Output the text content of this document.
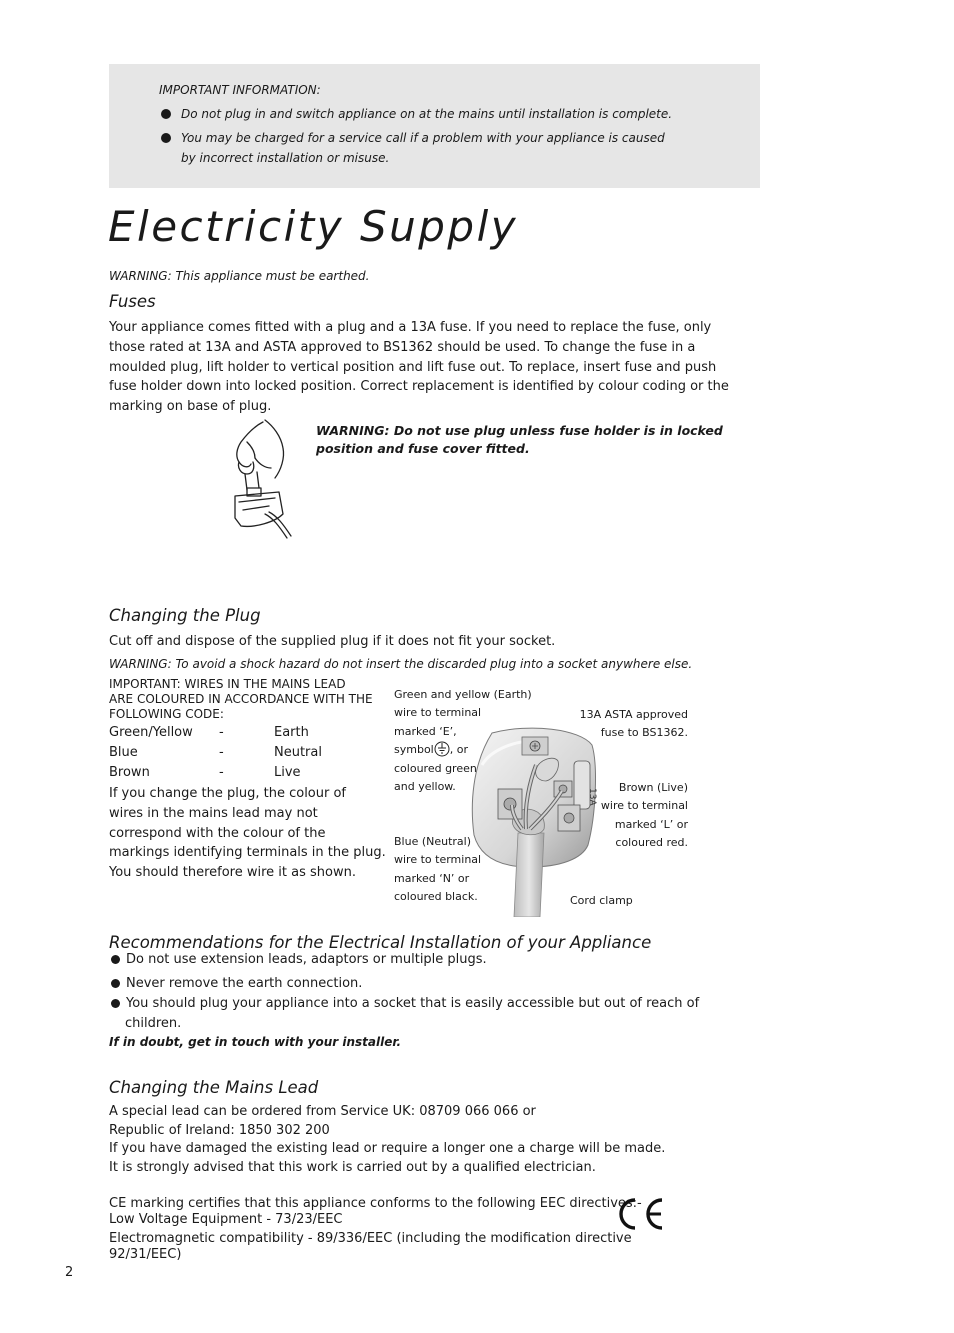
IMPORTANT INFORMATION:
Do not plug in and switch appliance on at the mains until installation is complete.
You may be charged for a service call if a problem with your appliance is caused
by incorrect installation or misuse.
Electricity Supply
WARNING: This appliance must be earthed.
Fuses
Your appliance comes fitted with a plug and a 13A fuse. If you need to replace the fuse, only
those rated at 13A and ASTA approved to BS1362 should be used. To change the fuse in a
moulded plug, lift holder to vertical position and lift fuse out. To replace, insert fuse and push
fuse holder down into locked position. Correct replacement is identified by colour coding or the
marking on base of plug.
WARNING: Do not use plug unless fuse holder is in locked
position and fuse cover fitted.
Changing the Plug
Cut off and dispose of the supplied plug if it does not fit your socket.
WARNING: To avoid a shock hazard do not insert the discarded plug into a socket anywhere else.
IMPORTANT: WIRES IN THE MAINS LEAD
ARE COLOURED IN ACCORDANCE WITH THE
FOLLOWING CODE:
Green/Yellow	-	Earth
Blue	-	Neutral
Brown	-	Live
If you change the plug, the colour of
wires in the mains lead may not
correspond with the colour of the
markings identifying terminals in the plug.
You should therefore wire it as shown.
Green and yellow (Earth)
wire to terminal
marked ‘E’,
symbol , or
coloured green
and yellow.
13A ASTA approved
fuse to BS1362.
Brown (Live)
wire to terminal
marked ‘L’ or
coloured red.
Blue (Neutral)
wire to terminal
marked ‘N’ or
coloured black.	Cord clamp
13A
Recommendations for the Electrical Installation of your Appliance
Do not use extension leads, adaptors or multiple plugs.
Never remove the earth connection.
You should plug your appliance into a socket that is easily accessible but out of reach of
children.
If in doubt, get in touch with your installer.
Changing the Mains Lead
A special lead can be ordered from Service UK: 08709 066 066 or
Republic of Ireland: 1850 302 200
If you have damaged the existing lead or require a longer one a charge will be made.
It is strongly advised that this work is carried out by a qualified electrician.
CE marking certifies that this appliance conforms to the following EEC directives:-
Low Voltage Equipment - 73/23/EEC
Electromagnetic compatibility - 89/336/EEC (including the modification directive
92/31/EEC)
2
